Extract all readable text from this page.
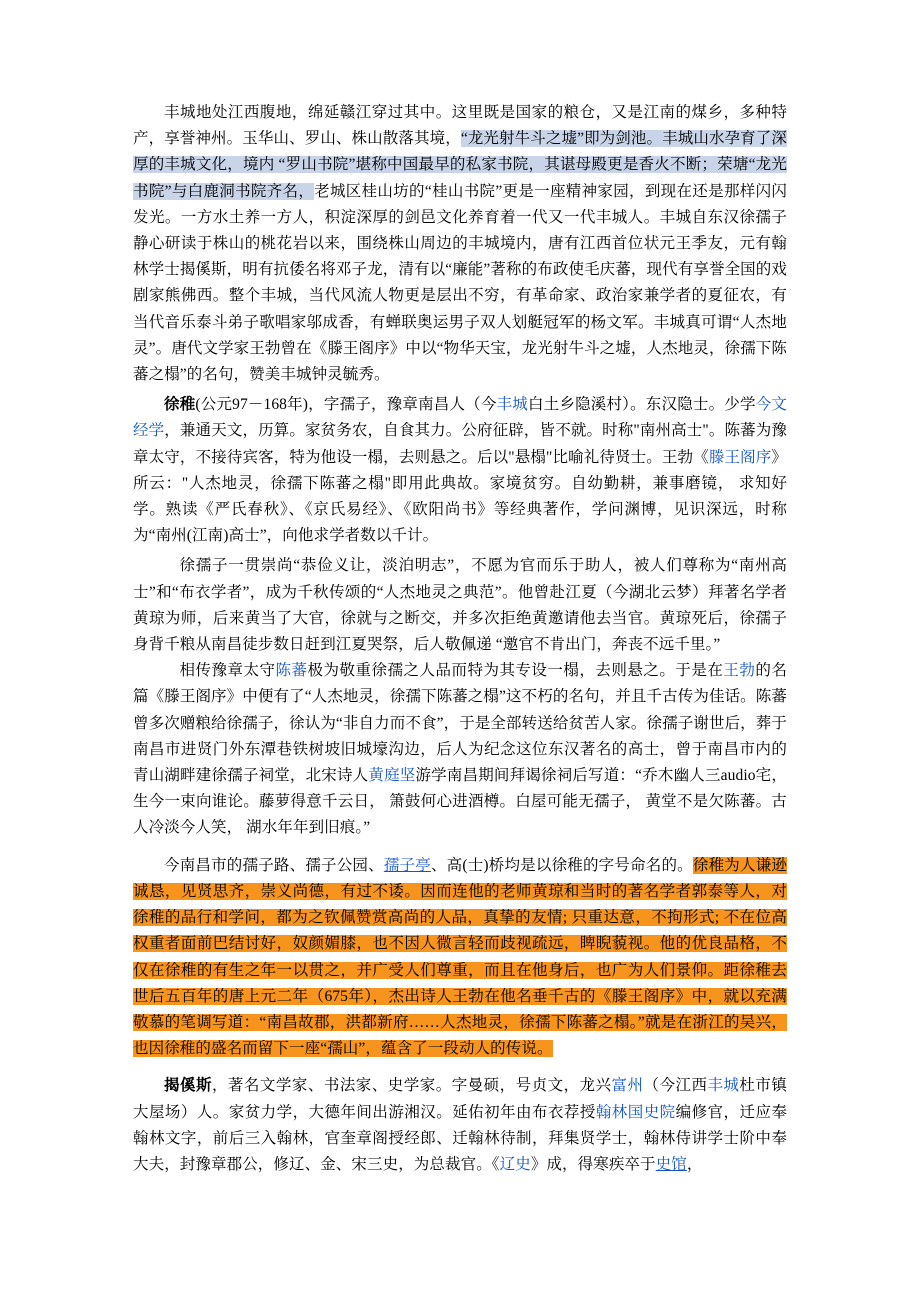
丰城地处江西腹地，绵延赣江穿过其中。这里既是国家的粮仓，又是江南的煤乡，多种特产，享誉神州。玉华山、罗山、株山散落其境，“龙光射牛斗之墟”即为剑池。丰城山水孕育了深厚的丰城文化，境内 “罗山书院”堪称中国最早的私家书院，其谌母殿更是香火不断；荣塘“龙光书院”与白鹿洞书院齐名，老城区桂山坊的“桂山书院”更是一座精神家园，到现在还是那样闪闪发光。一方水土养一方人，积淀深厚的剑邑文化养育着一代又一代丰城人。丰城自东汉徐孺子静心研读于株山的桃花岩以来，围绕株山周边的丰城境内，唐有江西首位状元王季友，元有翰林学士揭傒斯，明有抗倭名将邓子龙，清有以“廉能”著称的布政使毛庆蕃，现代有享誉全国的戏剧家熊佛西。整个丰城，当代风流人物更是层出不穷，有革命家、政治家兼学者的夏征农，有当代音乐泰斗弟子歌唱家邬成香，有蝉联奥运男子双人划艇冠军的杨文军。丰城真可谓“人杰地灵”。唐代文学家王勃曾在《滕王阁序》中以“物华天宝，龙光射牛斗之墟，人杰地灵，徐孺下陈蕃之榻”的名句，赞美丰城钟灵毓秀。

徐稚(公元97－168年)，字孺子，豫章南昌人（今丰城白土乡隐溪村）。东汉隐士。少学今文经学，兼通天文，历算。家贫务农，自食其力。公府征辟，皆不就。时称"南州高士"。陈蕃为豫章太守，不接待宾客，特为他设一榻，去则悬之。后以"悬榻"比喻礼待贤士。王勃《滕王阁序》所云："人杰地灵，徐孺下陈蕃之榻"即用此典故。家境贫穷。自幼勤耕，兼事磨镜， 求知好学。熟读《严氏春秋》、《京氏易经》、《欧阳尚书》等经典著作，学问渊博，见识深远，时称为“南州(江南)高士”，向他求学者数以千计。

徐孺子一贯崇尚“恭俭义让，淡泊明志”，不愿为官而乐于助人，被人们尊称为“南州高士”和“布衣学者”，成为千秋传颂的“人杰地灵之典范”。他曾赴江夏（今湖北云梦）拜著名学者黄琼为师，后来黄当了大官，徐就与之断交，并多次拒绝黄邀请他去当官。黄琼死后，徐孺子身背千粮从南昌徒步数日赶到江夏哭祭，后人敬佩递 “邀官不肯出门，奔丧不远千里。”

相传豫章太守陈蕃极为敬重徐孺之人品而特为其专设一榻，去则悬之。于是在王勃的名篇《滕王阁序》中便有了“人杰地灵，徐孺下陈蕃之榻”这不朽的名句，并且千古传为佳话。陈蕃曾多次赠粮给徐孺子，徐认为“非自力而不食”，于是全部转送给贫苦人家。徐孺子谢世后，葬于南昌市进贤门外东潭巷铁树坡旧城壕沟边，后人为纪念这位东汉著名的高士，曾于南昌市内的青山湖畔建徐孺子祠堂，北宋诗人黄庭坚游学南昌期间拜谒徐祠后写道：“乔木幽人三audio宅， 生今一束向谁论。藤萝得意千云日， 箫鼓何心进酒樽。白屋可能无孺子， 黄堂不是欠陈蕃。古人冷淡今人笑， 湖水年年到旧痕。”

今南昌市的孺子路、孺子公园、孺子亭、高(士)桥均是以徐稚的字号命名的。徐稚为人谦逊诚恳，见贤思齐，崇义尚德，有过不诿。因而连他的老师黄琼和当时的著名学者郭泰等人，对徐稚的品行和学问，都为之钦佩赞赏高尚的人品，真挚的友情; 只重达意，不拘形式; 不在位高权重者面前巴结讨好，奴颜媚膝，也不因人微言轻而歧视疏远，睥睨藐视。他的优良品格，不仅在徐稚的有生之年一以贯之，并广受人们尊重，而且在他身后，也广为人们景仰。距徐稚去世后五百年的唐上元二年（675年），杰出诗人王勃在他名垂千古的《滕王阁序》中，就以充满敬慕的笔调写道：“南昌故郡，洪都新府……人杰地灵，徐孺下陈蕃之榻。”就是在浙江的吴兴，也因徐稚的盛名而留下一座“孺山”，蕴含了一段动人的传说。

揭傒斯，著名文学家、书法家、史学家。字曼硕，号贞文，龙兴富州（今江西丰城杜市镇大屋场）人。家贫力学，大德年间出游湘汉。延佑初年由布衣荐授翰林国史院编修官，迁应奉翰林文字，前后三入翰林，官奎章阁授经郎、迁翰林待制，拜集贤学士，翰林侍讲学士阶中奉大夫，封豫章郡公，修辽、金、宋三史，为总裁官。《辽史》成，得寒疾卒于史馆，
